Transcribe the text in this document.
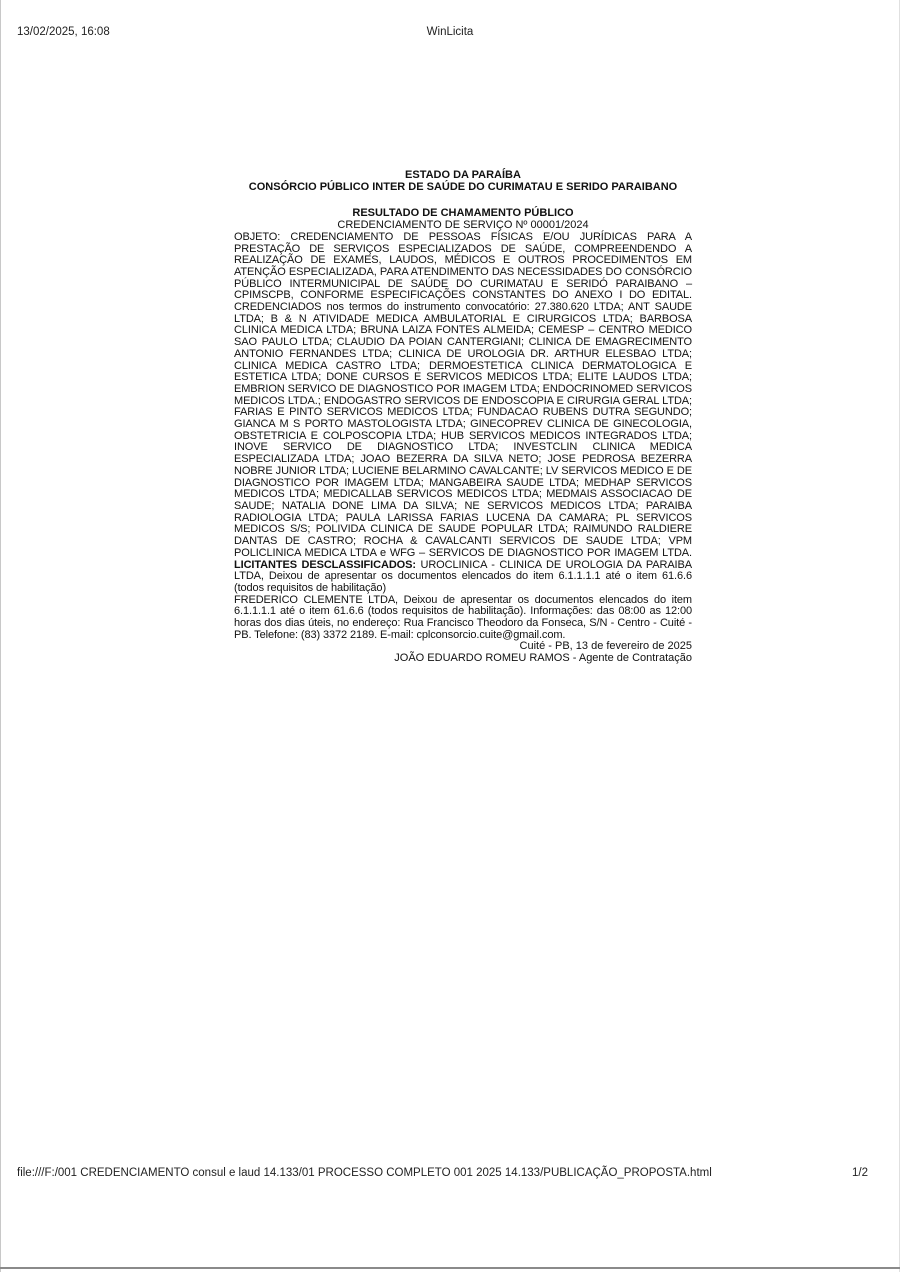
13/02/2025, 16:08	WinLicita
ESTADO DA PARAÍBA
CONSÓRCIO PÚBLICO INTER DE SAÚDE DO CURIMATAU E SERIDO PARAIBANO
RESULTADO DE CHAMAMENTO PÚBLICO
CREDENCIAMENTO DE SERVIÇO Nº 00001/2024

OBJETO: CREDENCIAMENTO DE PESSOAS FÍSICAS E/OU JURÍDICAS PARA A PRESTAÇÃO DE SERVIÇOS ESPECIALIZADOS DE SAÚDE, COMPREENDENDO A REALIZAÇÃO DE EXAMES, LAUDOS, MÉDICOS E OUTROS PROCEDIMENTOS EM ATENÇÃO ESPECIALIZADA, PARA ATENDIMENTO DAS NECESSIDADES DO CONSÓRCIO PÚBLICO INTERMUNICIPAL DE SAÚDE DO CURIMATAU E SERIDÓ PARAIBANO – CPIMSCPB, CONFORME ESPECIFICAÇÕES CONSTANTES DO ANEXO I DO EDITAL. CREDENCIADOS nos termos do instrumento convocatório: 27.380.620 LTDA; ANT SAUDE LTDA; B & N ATIVIDADE MEDICA AMBULATORIAL E CIRURGICOS LTDA; BARBOSA CLINICA MEDICA LTDA; BRUNA LAIZA FONTES ALMEIDA; CEMESP – CENTRO MEDICO SAO PAULO LTDA; CLAUDIO DA POIAN CANTERGIANI; CLINICA DE EMAGRECIMENTO ANTONIO FERNANDES LTDA; CLINICA DE UROLOGIA DR. ARTHUR ELESBAO LTDA; CLINICA MEDICA CASTRO LTDA; DERMOESTETICA CLINICA DERMATOLOGICA E ESTETICA LTDA; DONE CURSOS E SERVICOS MEDICOS LTDA; ELITE LAUDOS LTDA; EMBRION SERVICO DE DIAGNOSTICO POR IMAGEM LTDA; ENDOCRINOMED SERVICOS MEDICOS LTDA.; ENDOGASTRO SERVICOS DE ENDOSCOPIA E CIRURGIA GERAL LTDA; FARIAS E PINTO SERVICOS MEDICOS LTDA; FUNDACAO RUBENS DUTRA SEGUNDO; GIANCA M S PORTO MASTOLOGISTA LTDA; GINECOPREV CLINICA DE GINECOLOGIA, OBSTETRICIA E COLPOSCOPIA LTDA; HUB SERVICOS MEDICOS INTEGRADOS LTDA; INOVE SERVICO DE DIAGNOSTICO LTDA; INVESTCLIN CLINICA MEDICA ESPECIALIZADA LTDA; JOAO BEZERRA DA SILVA NETO; JOSE PEDROSA BEZERRA NOBRE JUNIOR LTDA; LUCIENE BELARMINO CAVALCANTE; LV SERVICOS MEDICO E DE DIAGNOSTICO POR IMAGEM LTDA; MANGABEIRA SAUDE LTDA; MEDHAP SERVICOS MEDICOS LTDA; MEDICALLAB SERVICOS MEDICOS LTDA; MEDMAIS ASSOCIACAO DE SAUDE; NATALIA DONE LIMA DA SILVA; NE SERVICOS MEDICOS LTDA; PARAIBA RADIOLOGIA LTDA; PAULA LARISSA FARIAS LUCENA DA CAMARA; PL SERVICOS MEDICOS S/S; POLIVIDA CLINICA DE SAUDE POPULAR LTDA; RAIMUNDO RALDIERE DANTAS DE CASTRO; ROCHA & CAVALCANTI SERVICOS DE SAUDE LTDA; VPM POLICLINICA MEDICA LTDA e WFG – SERVICOS DE DIAGNOSTICO POR IMAGEM LTDA. LICITANTES DESCLASSIFICADOS: UROCLINICA - CLINICA DE UROLOGIA DA PARAIBA LTDA, Deixou de apresentar os documentos elencados do item 6.1.1.1.1 até o item 61.6.6 (todos requisitos de habilitação)

FREDERICO CLEMENTE LTDA, Deixou de apresentar os documentos elencados do item 6.1.1.1.1 até o item 61.6.6 (todos requisitos de habilitação). Informações: das 08:00 as 12:00 horas dos dias úteis, no endereço: Rua Francisco Theodoro da Fonseca, S/N - Centro - Cuité - PB. Telefone: (83) 3372 2189. E-mail: cplconsorcio.cuite@gmail.com.

Cuité - PB, 13 de fevereiro de 2025
JOÃO EDUARDO ROMEU RAMOS - Agente de Contratação
file:///F:/001 CREDENCIAMENTO consul e laud 14.133/01 PROCESSO COMPLETO 001 2025 14.133/PUBLICAÇÃO_PROPOSTA.html	1/2
